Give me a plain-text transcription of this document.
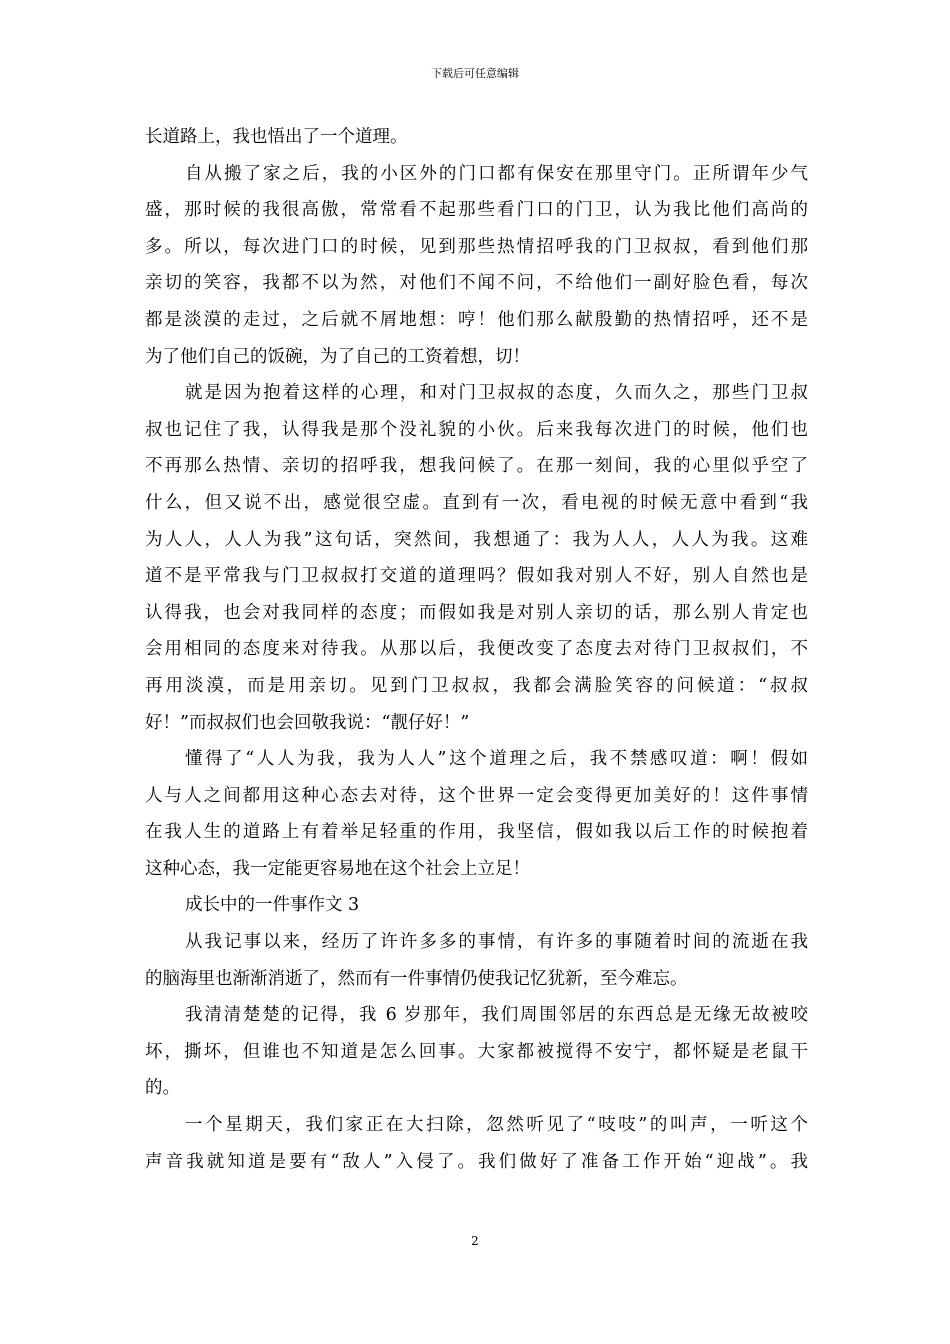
下载后可任意编辑
长道路上，我也悟出了一个道理。
自从搬了家之后，我的小区外的门口都有保安在那里守门。正所谓年少气
盛，那时候的我很高傲，常常看不起那些看门口的门卫，认为我比他们高尚的
多。所以，每次进门口的时候，见到那些热情招呼我的门卫叔叔，看到他们那
亲切的笑容，我都不以为然，对他们不闻不问，不给他们一副好脸色看，每次
都是淡漠的走过，之后就不屑地想：哼！他们那么献殷勤的热情招呼，还不是
为了他们自己的饭碗，为了自己的工资着想，切！
就是因为抱着这样的心理，和对门卫叔叔的态度，久而久之，那些门卫叔
叔也记住了我，认得我是那个没礼貌的小伙。后来我每次进门的时候，他们也
不再那么热情、亲切的招呼我，想我问候了。在那一刻间，我的心里似乎空了
什么，但又说不出，感觉很空虚。直到有一次，看电视的时候无意中看到“我
为人人，人人为我”这句话，突然间，我想通了：我为人人，人人为我。这难
道不是平常我与门卫叔叔打交道的道理吗？假如我对别人不好，别人自然也是
认得我，也会对我同样的态度；而假如我是对别人亲切的话，那么别人肯定也
会用相同的态度来对待我。从那以后，我便改变了态度去对待门卫叔叔们，不
再用淡漠，而是用亲切。见到门卫叔叔，我都会满脸笑容的问候道：“叔叔
好！”而叔叔们也会回敬我说：“靓仔好！”
懂得了“人人为我，我为人人”这个道理之后，我不禁感叹道：啊！假如
人与人之间都用这种心态去对待，这个世界一定会变得更加美好的！这件事情
在我人生的道路上有着举足轻重的作用，我坚信，假如我以后工作的时候抱着
这种心态，我一定能更容易地在这个社会上立足！
成长中的一件事作文 3
从我记事以来，经历了许许多多的事情，有许多的事随着时间的流逝在我
的脑海里也渐渐消逝了，然而有一件事情仍使我记忆犹新，至今难忘。
我清清楚楚的记得，我 6 岁那年，我们周围邻居的东西总是无缘无故被咬
坏，撕坏，但谁也不知道是怎么回事。大家都被搅得不安宁，都怀疑是老鼠干
的。
一个星期天，我们家正在大扫除，忽然听见了“吱吱”的叫声，一听这个
声音我就知道是要有“敌人”入侵了。我们做好了准备工作开始“迎战”。我
2
